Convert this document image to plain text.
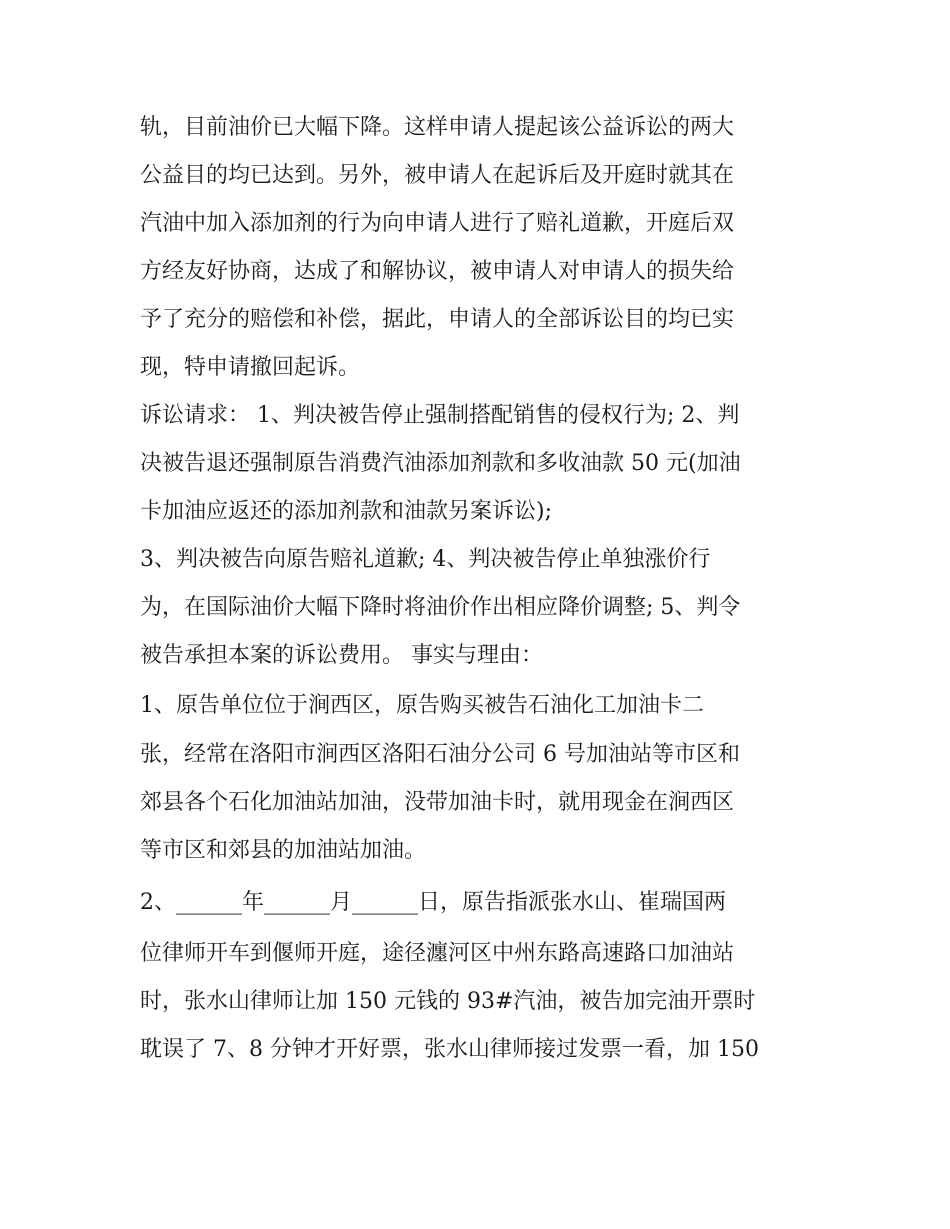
轨，目前油价已大幅下降。这样申请人提起该公益诉讼的两大
公益目的均已达到。另外，被申请人在起诉后及开庭时就其在
汽油中加入添加剂的行为向申请人进行了赔礼道歉，开庭后双
方经友好协商，达成了和解协议，被申请人对申请人的损失给
予了充分的赔偿和补偿，据此，申请人的全部诉讼目的均已实
现，特申请撤回起诉。
诉讼请求： 1、判决被告停止强制搭配销售的侵权行为; 2、判
决被告退还强制原告消费汽油添加剂款和多收油款 50 元(加油
卡加油应返还的添加剂款和油款另案诉讼);
3、判决被告向原告赔礼道歉; 4、判决被告停止单独涨价行
为，在国际油价大幅下降时将油价作出相应降价调整; 5、判令
被告承担本案的诉讼费用。 事实与理由：
1、原告单位位于涧西区，原告购买被告石油化工加油卡二
张，经常在洛阳市涧西区洛阳石油分公司 6 号加油站等市区和
郊县各个石化加油站加油，没带加油卡时，就用现金在涧西区
等市区和郊县的加油站加油。
2、______年______月______日，原告指派张水山、崔瑞国两
位律师开车到偃师开庭，途径瀍河区中州东路高速路口加油站
时，张水山律师让加 150 元钱的 93#汽油，被告加完油开票时
耽误了 7、8 分钟才开好票，张水山律师接过发票一看，加 150
